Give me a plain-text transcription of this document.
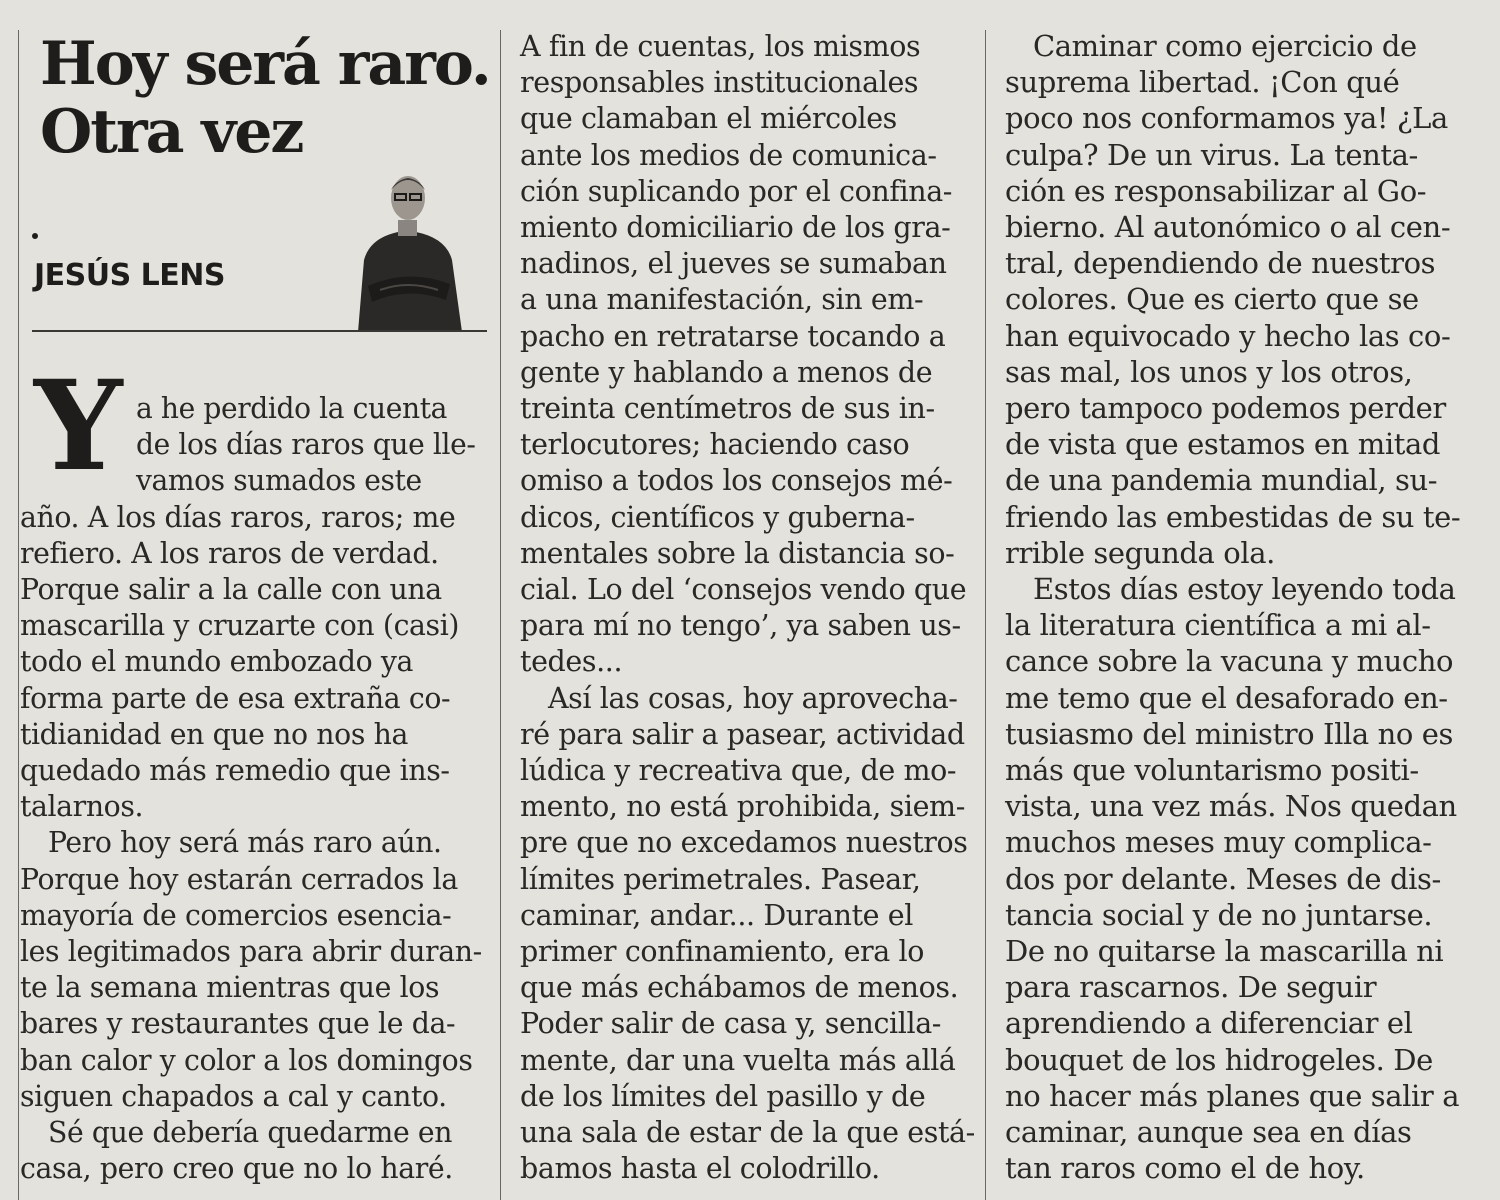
Hoy será raro.
Otra vez
JESÚS LENS
Y

a he perdido la cuenta
de los días raros que lle-
vamos sumados este
año. A los días raros, raros; me
refiero. A los raros de verdad.
Porque salir a la calle con una
mascarilla y cruzarte con (casi)
todo el mundo embozado ya
forma parte de esa extraña co-
tidianidad en que no nos ha
quedado más remedio que ins-
talarnos.
Pero hoy será más raro aún.
Porque hoy estarán cerrados la
mayoría de comercios esencia-
les legitimados para abrir duran-
te la semana mientras que los
bares y restaurantes que le da-
ban calor y color a los domingos
siguen chapados a cal y canto.
Sé que debería quedarme en
casa, pero creo que no lo haré.
A fin de cuentas, los mismos
responsables institucionales
que clamaban el miércoles
ante los medios de comunica-
ción suplicando por el confina-
miento domiciliario de los gra-
nadinos, el jueves se sumaban
a una manifestación, sin em-
pacho en retratarse tocando a
gente y hablando a menos de
treinta centímetros de sus in-
terlocutores; haciendo caso
omiso a todos los consejos mé-
dicos, científicos y guberna-
mentales sobre la distancia so-
cial. Lo del ‘consejos vendo que
para mí no tengo’, ya saben us-
tedes...
Así las cosas, hoy aprovecha-
ré para salir a pasear, actividad
lúdica y recreativa que, de mo-
mento, no está prohibida, siem-
pre que no excedamos nuestros
límites perimetrales. Pasear,
caminar, andar... Durante el
primer confinamiento, era lo
que más echábamos de menos.
Poder salir de casa y, sencilla-
mente, dar una vuelta más allá
de los límites del pasillo y de
una sala de estar de la que está-
bamos hasta el colodrillo.
Caminar como ejercicio de
suprema libertad. ¡Con qué
poco nos conformamos ya! ¿La
culpa? De un virus. La tenta-
ción es responsabilizar al Go-
bierno. Al autonómico o al cen-
tral, dependiendo de nuestros
colores. Que es cierto que se
han equivocado y hecho las co-
sas mal, los unos y los otros,
pero tampoco podemos perder
de vista que estamos en mitad
de una pandemia mundial, su-
friendo las embestidas de su te-
rrible segunda ola.
Estos días estoy leyendo toda
la literatura científica a mi al-
cance sobre la vacuna y mucho
me temo que el desaforado en-
tusiasmo del ministro Illa no es
más que voluntarismo positi-
vista, una vez más. Nos quedan
muchos meses muy complica-
dos por delante. Meses de dis-
tancia social y de no juntarse.
De no quitarse la mascarilla ni
para rascarnos. De seguir
aprendiendo a diferenciar el
bouquet de los hidrogeles. De
no hacer más planes que salir a
caminar, aunque sea en días
tan raros como el de hoy.
